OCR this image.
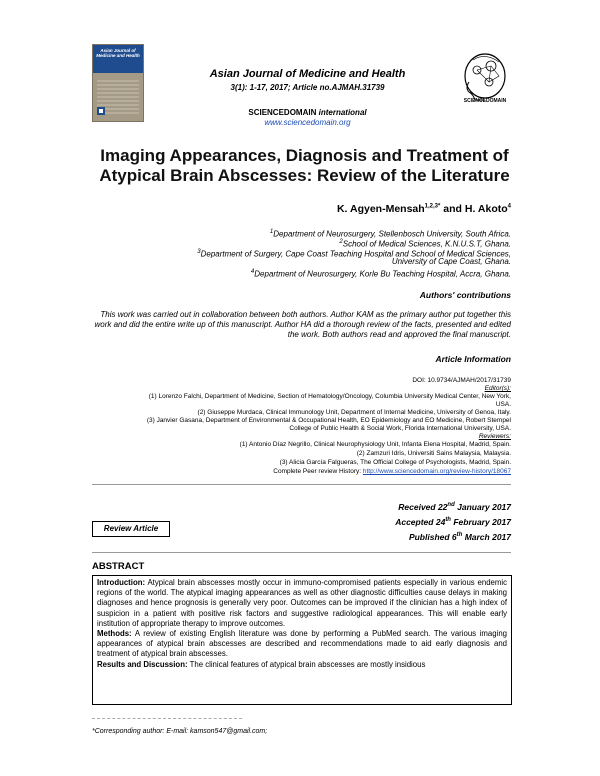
Asian Journal of Medicine and Health
Asian Journal of Medicine and Health
3(1): 1-17, 2017; Article no.AJMAH.31739
SCIENCEDOMAIN international
www.sciencedomain.org
SCIENCEDOMAIN
Imaging Appearances, Diagnosis and Treatment of Atypical Brain Abscesses: Review of the Literature
K. Agyen-Mensah$^{1,2,3*}$ and H. Akoto$^4$
$^1$Department of Neurosurgery, Stellenbosch University, South Africa.
$^2$School of Medical Sciences, K.N.U.S.T, Ghana.
$^3$Department of Surgery, Cape Coast Teaching Hospital and School of Medical Sciences,
University of Cape Coast, Ghana.
$^4$Department of Neurosurgery, Korle Bu Teaching Hospital, Accra, Ghana.
Authors' contributions
This work was carried out in collaboration between both authors. Author KAM as the primary author put together this work and did the entire write up of this manuscript. Author HA did a thorough review of the facts, presented and edited the work. Both authors read and approved the final manuscript.
Article Information
DOI: 10.9734/AJMAH/2017/31739
Editor(s):
(1) Lorenzo Falchi, Department of Medicine, Section of Hematology/Oncology, Columbia University Medical Center, New York,
USA.
(2) Giuseppe Murdaca, Clinical Immunology Unit, Department of Internal Medicine, University of Genoa, Italy.
(3) Janvier Gasana, Department of Environmental & Occupational Health, EO Epidemiology and EO Medicine, Robert Stempel
College of Public Health & Social Work, Florida International University, USA.
Reviewers:
(1) Antonio Díaz Negrillo, Clinical Neurophysiology Unit, Infanta Elena Hospital, Madrid, Spain.
(2) Zamzuri Idris, Universiti Sains Malaysia, Malaysia.
(3) Alicia García Falgueras, The Official College of Psychologists, Madrid, Spain.
Complete Peer review History: http://www.sciencedomain.org/review-history/18067
Received 22nd January 2017
Accepted 24th February 2017
Published 6th March 2017
Review Article
ABSTRACT
Introduction: Atypical brain abscesses mostly occur in immuno-compromised patients especially in various endemic regions of the world. The atypical imaging appearances as well as other diagnostic difficulties cause delays in making diagnoses and hence prognosis is generally very poor. Outcomes can be improved if the clinician has a high index of suspicion in a patient with positive risk factors and suggestive radiological appearances. This will enable early institution of appropriate therapy to improve outcomes.
Methods: A review of existing English literature was done by performing a PubMed search. The various imaging appearances of atypical brain abscesses are described and recommendations made to aid early diagnosis and treatment of atypical brain abscesses.
Results and Discussion: The clinical features of atypical brain abscesses are mostly insidious
*Corresponding author: E-mail: kamson547@gmail.com;
